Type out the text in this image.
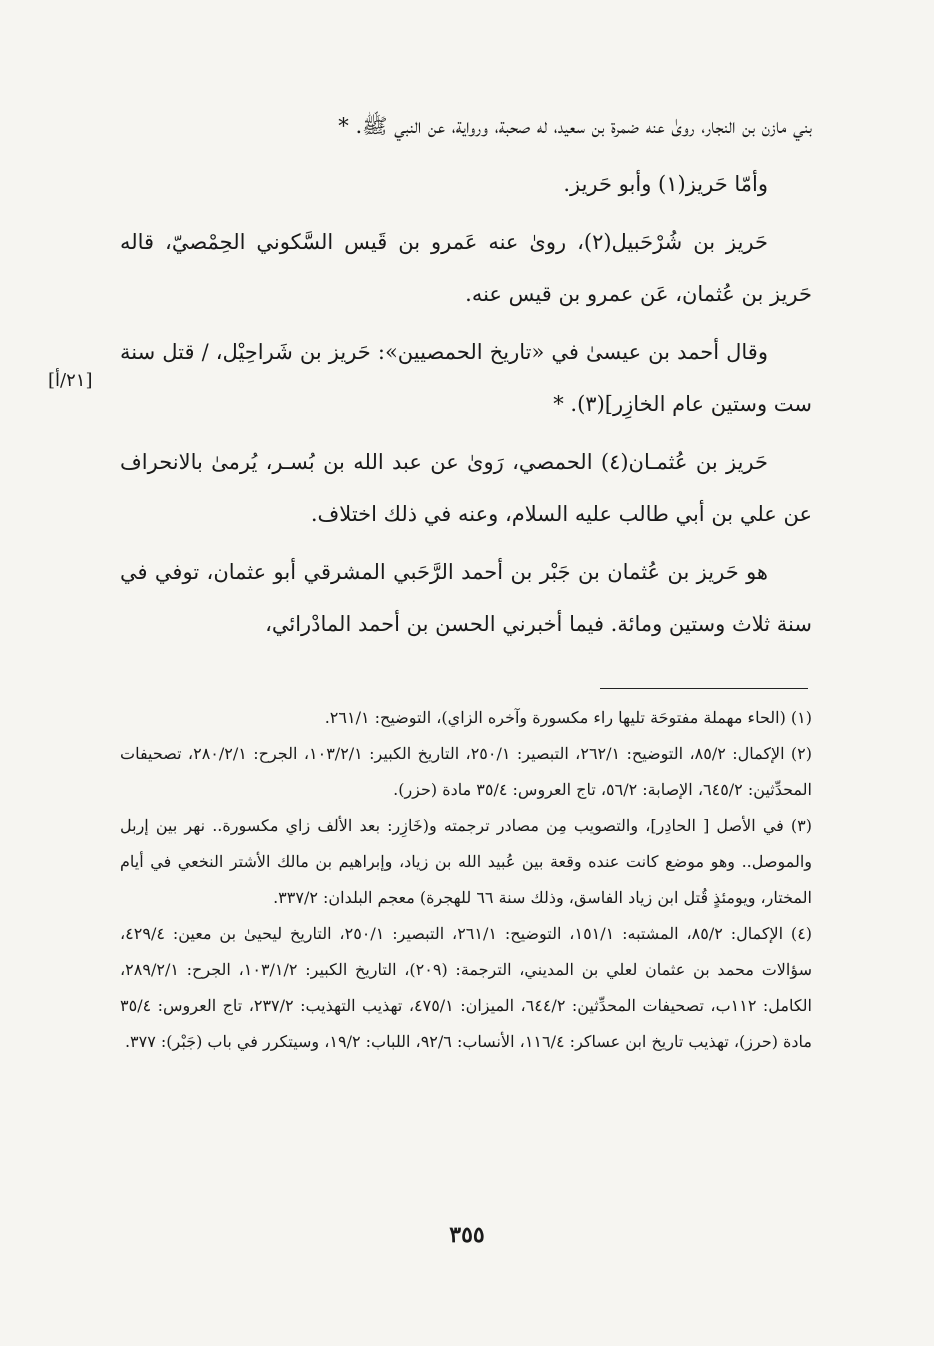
بني مازن بن النجار، روىٰ عنه ضمرة بن سعيد، له صحبة، ورواية، عن النبي ﷺ. *

وأمّا حَريز(١) وأبو حَريز.

حَريز بن شُرْحَبيل(٢)، روىٰ عنه عَمرو بن قَيس السَّكوني الحِمْصيّ، قاله حَريز بن عُثمان، عَن عمرو بن قيس عنه.

وقال أحمد بن عيسىٰ في «تاريخ الحمصيين»: حَريز بن شَراحِيْل، / قتل سنة ست وستين عام الخازِر](٣). *

حَريز بن عُثمـان(٤) الحمصي، رَوىٰ عن عبد الله بن بُسـر، يُرمىٰ بالانحراف عن علي بن أبي طالب عليه السلام، وعنه في ذلك اختلاف.

هو حَريز بن عُثمان بن جَبْر بن أحمد الرَّحَبي المشرقي أبو عثمان، توفي في سنة ثلاث وستين ومائة. فيما أخبرني الحسن بن أحمد المادْرائي،

[٢١/أ]

(١) (الحاء مهملة مفتوحَة تليها راء مكسورة وآخره الزاي)، التوضيح: ٢٦١/١.

(٢) الإكمال: ٨٥/٢، التوضيح: ٢٦٢/١، التبصير: ٢٥٠/١، التاريخ الكبير: ١٠٣/٢/١، الجرح: ٢٨٠/٢/١، تصحيفات المحدِّثين: ٦٤٥/٢، الإصابة: ٥٦/٢، تاج العروس: ٣٥/٤ مادة (حزر).

(٣) في الأصل [ الحادِر]، والتصويب مِن مصادر ترجمته و(خَازِر: بعد الألف زاي مكسورة.. نهر بين إربل والموصل.. وهو موضع كانت عنده وقعة بين عُبيد الله بن زياد، وإبراهيم بن مالك الأشتر النخعي في أيام المختار، ويومئذٍ قُتل ابن زياد الفاسق، وذلك سنة ٦٦ للهجرة) معجم البلدان: ٣٣٧/٢.

(٤) الإكمال: ٨٥/٢، المشتبه: ١٥١/١، التوضيح: ٢٦١/١، التبصير: ٢٥٠/١، التاريخ ليحيىٰ بن معين: ٤٢٩/٤، سؤالات محمد بن عثمان لعلي بن المديني، الترجمة: (٢٠٩)، التاريخ الكبير: ١٠٣/١/٢، الجرح: ٢٨٩/٢/١، الكامل: ١١٢ب، تصحيفات المحدِّثين: ٦٤٤/٢، الميزان: ٤٧٥/١، تهذيب التهذيب: ٢٣٧/٢، تاج العروس: ٣٥/٤ مادة (حرز)، تهذيب تاريخ ابن عساكر: ١١٦/٤، الأنساب: ٩٢/٦، اللباب: ١٩/٢، وسيتكرر في باب (جَبْر): ٣٧٧.

٣٥٥
